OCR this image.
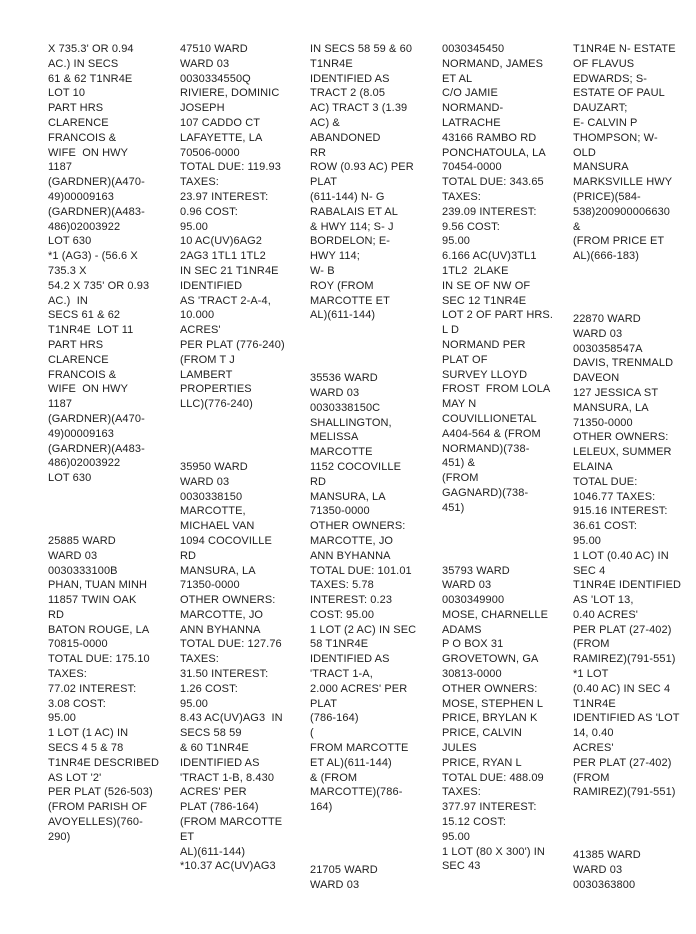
X 735.3' OR 0.94
AC.) IN SECS
61 & 62 T1NR4E
LOT 10
PART HRS
CLARENCE
FRANCOIS &
WIFE  ON HWY
1187
(GARDNER)(A470-
49)00009163
(GARDNER)(A483-
486)02003922
LOT 630
*1 (AG3) - (56.6 X
735.3 X
54.2 X 735' OR 0.93
AC.)  IN
SECS 61 & 62
T1NR4E  LOT 11
PART HRS
CLARENCE
FRANCOIS &
WIFE  ON HWY
1187
(GARDNER)(A470-
49)00009163
(GARDNER)(A483-
486)02003922
LOT 630
25885 WARD
WARD 03
0030333100B
PHAN, TUAN MINH
11857 TWIN OAK
RD
BATON ROUGE, LA
70815-0000
TOTAL DUE: 175.10
TAXES:
77.02 INTEREST:
3.08 COST:
95.00
1 LOT (1 AC) IN
SECS 4 5 & 78
T1NR4E DESCRIBED
AS LOT '2'
PER PLAT (526-503)
(FROM PARISH OF
AVOYELLES)(760-
290)
47510 WARD
WARD 03
0030334550Q
RIVIERE, DOMINIC
JOSEPH
107 CADDO CT
LAFAYETTE, LA
70506-0000
TOTAL DUE: 119.93
TAXES:
23.97 INTEREST:
0.96 COST:
95.00
10 AC(UV)6AG2
2AG3 1TL1 1TL2
IN SEC 21 T1NR4E
IDENTIFIED
AS 'TRACT 2-A-4,
10.000
ACRES'
PER PLAT (776-240)
(FROM T J
LAMBERT
PROPERTIES
LLC)(776-240)
35950 WARD
WARD 03
0030338150
MARCOTTE,
MICHAEL VAN
1094 COCOVILLE
RD
MANSURA, LA
71350-0000
OTHER OWNERS:
MARCOTTE, JO
ANN BYHANNA
TOTAL DUE: 127.76
TAXES:
31.50 INTEREST:
1.26 COST:
95.00
8.43 AC(UV)AG3  IN
SECS 58 59
& 60 T1NR4E
IDENTIFIED AS
'TRACT 1-B, 8.430
ACRES' PER
PLAT (786-164)
(FROM MARCOTTE
ET
AL)(611-144)
*10.37 AC(UV)AG3
IN SECS 58 59 & 60
T1NR4E
IDENTIFIED AS
TRACT 2 (8.05
AC) TRACT 3 (1.39
AC) &
ABANDONED
RR
ROW (0.93 AC) PER
PLAT
(611-144) N- G
RABALAIS ET AL
& HWY 114; S- J
BORDELON; E-
HWY 114;
W- B
ROY (FROM
MARCOTTE ET
AL)(611-144)
35536 WARD
WARD 03
0030338150C
SHALLINGTON,
MELISSA
MARCOTTE
1152 COCOVILLE
RD
MANSURA, LA
71350-0000
OTHER OWNERS:
MARCOTTE, JO
ANN BYHANNA
TOTAL DUE: 101.01
TAXES: 5.78
INTEREST: 0.23
COST: 95.00
1 LOT (2 AC) IN SEC
58 T1NR4E
IDENTIFIED AS
'TRACT 1-A,
2.000 ACRES' PER
PLAT
(786-164)
(
FROM MARCOTTE
ET AL)(611-144)
& (FROM
MARCOTTE)(786-
164)
21705 WARD
WARD 03
0030345450
NORMAND, JAMES
ET AL
C/O JAMIE
NORMAND-
LATRACHE
43166 RAMBO RD
PONCHATOULA, LA
70454-0000
TOTAL DUE: 343.65
TAXES:
239.09 INTEREST:
9.56 COST:
95.00
6.166 AC(UV)3TL1
1TL2  2LAKE
IN SE OF NW OF
SEC 12 T1NR4E
LOT 2 OF PART HRS.
L D
NORMAND PER
PLAT OF
SURVEY LLOYD
FROST  FROM LOLA
MAY N
COUVILLIONETAL
A404-564 & (FROM
NORMAND)(738-
451) &
(FROM
GAGNARD)(738-
451)
35793 WARD
WARD 03
0030349900
MOSE, CHARNELLE
ADAMS
P O BOX 31
GROVETOWN, GA
30813-0000
OTHER OWNERS:
MOSE, STEPHEN L
PRICE, BRYLAN K
PRICE, CALVIN
JULES
PRICE, RYAN L
TOTAL DUE: 488.09
TAXES:
377.97 INTEREST:
15.12 COST:
95.00
1 LOT (80 X 300') IN
SEC 43
T1NR4E N- ESTATE
OF FLAVUS
EDWARDS; S-
ESTATE OF PAUL
DAUZART;
E- CALVIN P
THOMPSON; W-
OLD
MANSURA
MARKSVILLE HWY
(PRICE)(584-
538)200900006630
&
(FROM PRICE ET
AL)(666-183)
22870 WARD
WARD 03
0030358547A
DAVIS, TRENMALD
DAVEON
127 JESSICA ST
MANSURA, LA
71350-0000
OTHER OWNERS:
LELEUX, SUMMER
ELAINA
TOTAL DUE:
1046.77 TAXES:
915.16 INTEREST:
36.61 COST:
95.00
1 LOT (0.40 AC) IN
SEC 4
T1NR4E IDENTIFIED
AS 'LOT 13,
0.40 ACRES'
PER PLAT (27-402)
(FROM
RAMIREZ)(791-551)
*1 LOT
(0.40 AC) IN SEC 4
T1NR4E
IDENTIFIED AS 'LOT
14, 0.40
ACRES'
PER PLAT (27-402)
(FROM
RAMIREZ)(791-551)
41385 WARD
WARD 03
0030363800
